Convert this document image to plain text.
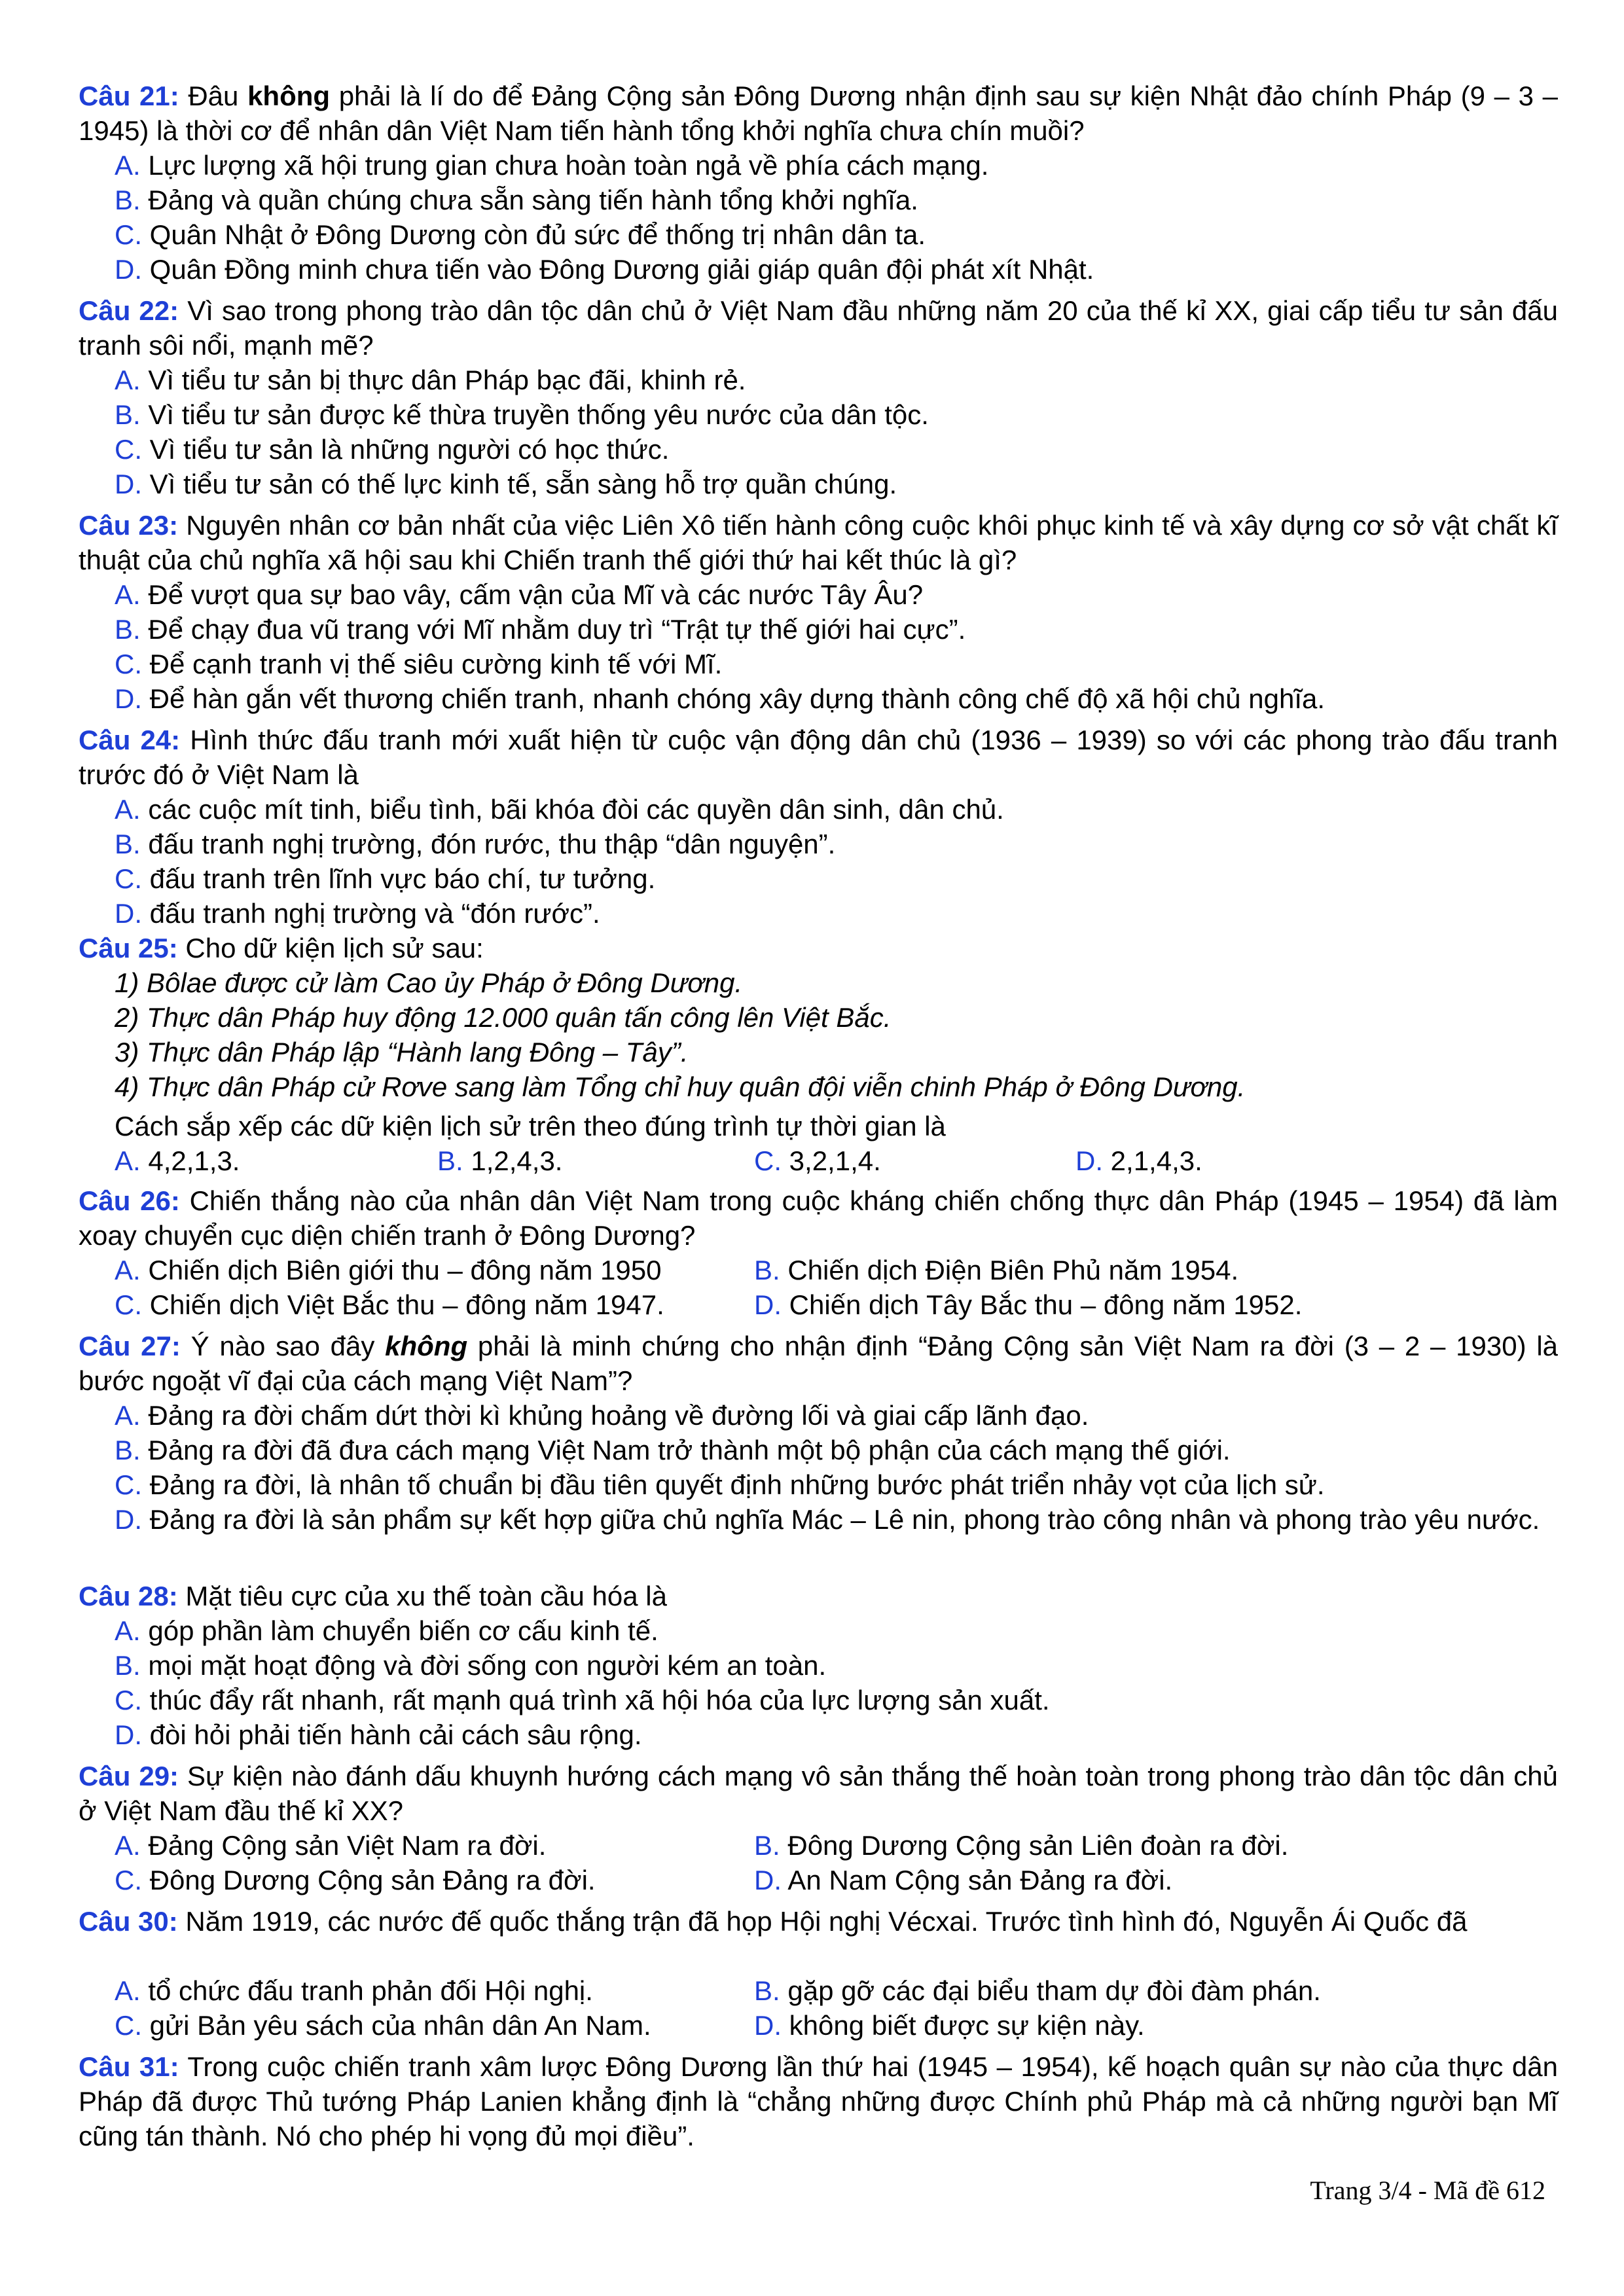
Câu 21: Đâu không phải là lí do để Đảng Cộng sản Đông Dương nhận định sau sự kiện Nhật đảo chính Pháp (9 – 3 – 1945) là thời cơ để nhân dân Việt Nam tiến hành tổng khởi nghĩa chưa chín muồi?
A. Lực lượng xã hội trung gian chưa hoàn toàn ngả về phía cách mạng.
B. Đảng và quần chúng chưa sẵn sàng tiến hành tổng khởi nghĩa.
C. Quân Nhật ở Đông Dương còn đủ sức để thống trị nhân dân ta.
D. Quân Đồng minh chưa tiến vào Đông Dương giải giáp quân đội phát xít Nhật.
Câu 22: Vì sao trong phong trào dân tộc dân chủ ở Việt Nam đầu những năm 20 của thế kỉ XX, giai cấp tiểu tư sản đấu tranh sôi nổi, mạnh mẽ?
A. Vì tiểu tư sản bị thực dân Pháp bạc đãi, khinh rẻ.
B. Vì tiểu tư sản được kế thừa truyền thống yêu nước của dân tộc.
C. Vì tiểu tư sản là những người có học thức.
D. Vì tiểu tư sản có thế lực kinh tế, sẵn sàng hỗ trợ quần chúng.
Câu 23: Nguyên nhân cơ bản nhất của việc Liên Xô tiến hành công cuộc khôi phục kinh tế và xây dựng cơ sở vật chất kĩ thuật của chủ nghĩa xã hội sau khi Chiến tranh thế giới thứ hai kết thúc là gì?
A. Để vượt qua sự bao vây, cấm vận của Mĩ và các nước Tây Âu?
B. Để chạy đua vũ trang với Mĩ nhằm duy trì “Trật tự thế giới hai cực”.
C. Để cạnh tranh vị thế siêu cường kinh tế với Mĩ.
D. Để hàn gắn vết thương chiến tranh, nhanh chóng xây dựng thành công chế độ xã hội chủ nghĩa.
Câu 24: Hình thức đấu tranh mới xuất hiện từ cuộc vận động dân chủ (1936 – 1939) so với các phong trào đấu tranh trước đó ở Việt Nam là
A. các cuộc mít tinh, biểu tình, bãi khóa đòi các quyền dân sinh, dân chủ.
B. đấu tranh nghị trường, đón rước, thu thập “dân nguyện”.
C. đấu tranh trên lĩnh vực báo chí, tư tưởng.
D. đấu tranh nghị trường và “đón rước”.
Câu 25: Cho dữ kiện lịch sử sau:
1) Bôlae được cử làm Cao ủy Pháp ở Đông Dương.
2) Thực dân Pháp huy động 12.000 quân tấn công lên Việt Bắc.
3) Thực dân Pháp lập “Hành lang Đông – Tây”.
4) Thực dân Pháp cử Rơve sang làm Tổng chỉ huy quân đội viễn chinh Pháp ở Đông Dương.
Cách sắp xếp các dữ kiện lịch sử trên theo đúng trình tự thời gian là
A. 4,2,1,3.	B. 1,2,4,3.	C. 3,2,1,4.	D. 2,1,4,3.
Câu 26: Chiến thắng nào của nhân dân Việt Nam trong cuộc kháng chiến chống thực dân Pháp (1945 – 1954) đã làm xoay chuyển cục diện chiến tranh ở Đông Dương?
A. Chiến dịch Biên giới thu – đông năm 1950	B. Chiến dịch Điện Biên Phủ năm 1954.
C. Chiến dịch Việt Bắc thu – đông năm 1947.	D. Chiến dịch Tây Bắc thu – đông năm 1952.
Câu 27: Ý nào sao đây không phải là minh chứng cho nhận định “Đảng Cộng sản Việt Nam ra đời (3 – 2 – 1930) là bước ngoặt vĩ đại của cách mạng Việt Nam”?
A. Đảng ra đời chấm dứt thời kì khủng hoảng về đường lối và giai cấp lãnh đạo.
B. Đảng ra đời đã đưa cách mạng Việt Nam trở thành một bộ phận của cách mạng thế giới.
C. Đảng ra đời, là nhân tố chuẩn bị đầu tiên quyết định những bước phát triển nhảy vọt của lịch sử.
D. Đảng ra đời là sản phẩm sự kết hợp giữa chủ nghĩa Mác – Lê nin, phong trào công nhân và phong trào yêu nước.
Câu 28: Mặt tiêu cực của xu thế toàn cầu hóa là
A. góp phần làm chuyển biến cơ cấu kinh tế.
B. mọi mặt hoạt động và đời sống con người kém an toàn.
C. thúc đẩy rất nhanh, rất mạnh quá trình xã hội hóa của lực lượng sản xuất.
D. đòi hỏi phải tiến hành cải cách sâu rộng.
Câu 29: Sự kiện nào đánh dấu khuynh hướng cách mạng vô sản thắng thế hoàn toàn trong phong trào dân tộc dân chủ ở Việt Nam đầu thế kỉ XX?
A. Đảng Cộng sản Việt Nam ra đời.	B. Đông Dương Cộng sản Liên đoàn ra đời.
C. Đông Dương Cộng sản Đảng ra đời.	D. An Nam Cộng sản Đảng ra đời.
Câu 30: Năm 1919, các nước đế quốc thắng trận đã họp Hội nghị Vécxai. Trước tình hình đó, Nguyễn Ái Quốc đã
A. tổ chức đấu tranh phản đối Hội nghị.	B. gặp gỡ các đại biểu tham dự đòi đàm phán.
C. gửi Bản yêu sách của nhân dân An Nam.	D. không biết được sự kiện này.
Câu 31: Trong cuộc chiến tranh xâm lược Đông Dương lần thứ hai (1945 – 1954), kế hoạch quân sự nào của thực dân Pháp đã được Thủ tướng Pháp Lanien khẳng định là “chẳng những được Chính phủ Pháp mà cả những người bạn Mĩ cũng tán thành. Nó cho phép hi vọng đủ mọi điều”.
Trang 3/4 - Mã đề 612
